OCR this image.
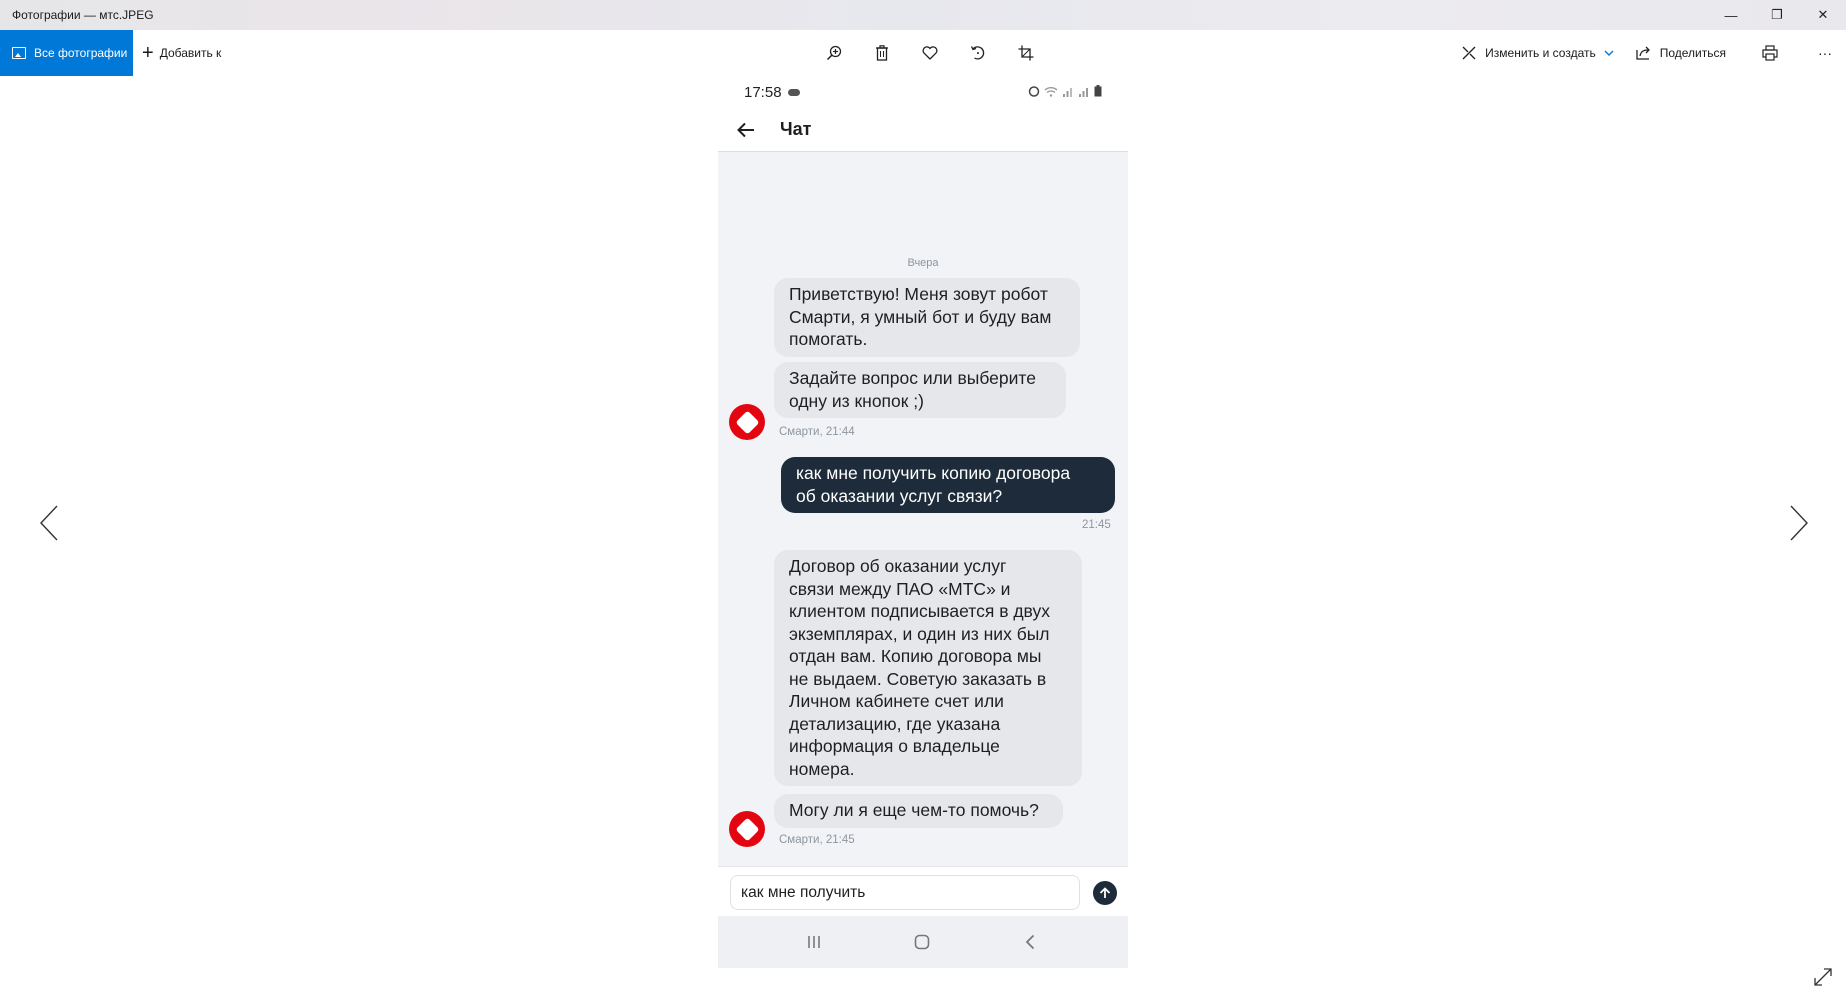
Фотографии — мтс.JPEG	—	❐	✕
Все фотографии + Добавить к	Изменить и создать	Поделиться	···
17:58
Чат
Вчера
Приветствую! Меня зовут робот
Смарти, я умный бот и буду вам
помогать.
Задайте вопрос или выберите
одну из кнопок ;)
Смарти, 21:44
как мне получить копию договора
об оказании услуг связи?
21:45
Договор об оказании услуг
связи между ПАО «МТС» и
клиентом подписывается в двух
экземплярах, и один из них был
отдан вам. Копию договора мы
не выдаем. Советую заказать в
Личном кабинете счет или
детализацию, где указана
информация о владельце
номера.
Могу ли я еще чем-то помочь?
Смарти, 21:45
как мне получить
